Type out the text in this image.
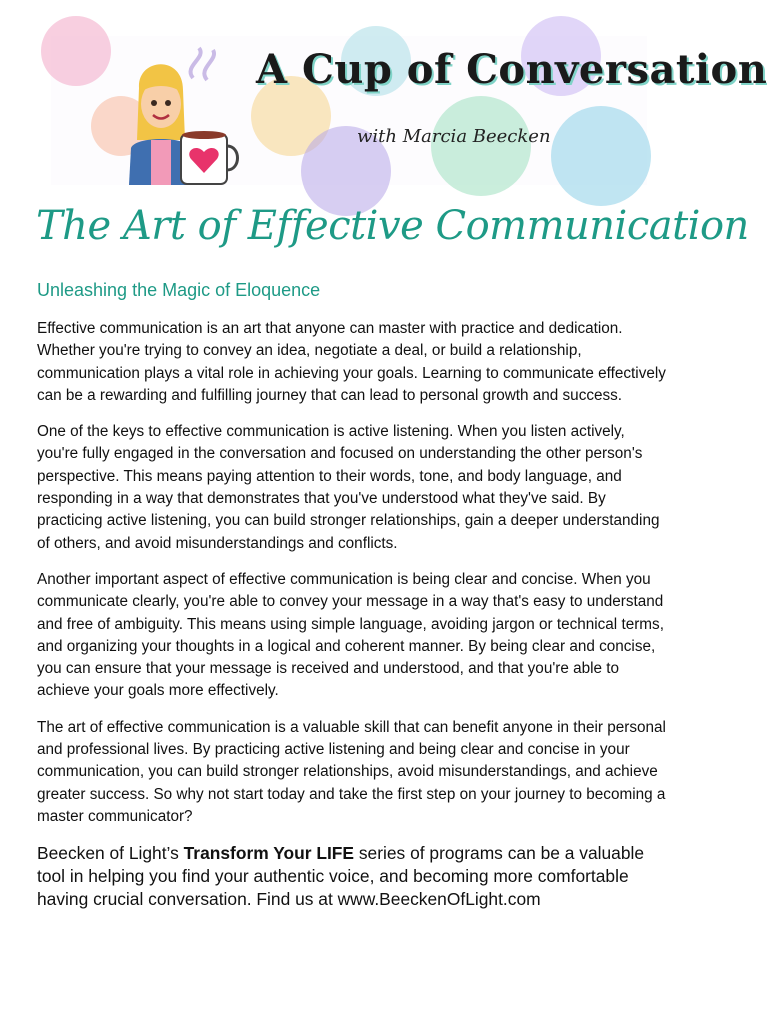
A Cup of Conversation
with Marcia Beecken
The Art of Effective Communication
Unleashing the Magic of Eloquence

Effective communication is an art that anyone can master with practice and dedication. Whether you're trying to convey an idea, negotiate a deal, or build a relationship, communication plays a vital role in achieving your goals. Learning to communicate effectively can be a rewarding and fulfilling journey that can lead to personal growth and success.

One of the keys to effective communication is active listening. When you listen actively, you're fully engaged in the conversation and focused on understanding the other person's perspective. This means paying attention to their words, tone, and body language, and responding in a way that demonstrates that you've understood what they've said. By practicing active listening, you can build stronger relationships, gain a deeper understanding of others, and avoid misunderstandings and conflicts.

Another important aspect of effective communication is being clear and concise. When you communicate clearly, you're able to convey your message in a way that's easy to understand and free of ambiguity. This means using simple language, avoiding jargon or technical terms, and organizing your thoughts in a logical and coherent manner. By being clear and concise, you can ensure that your message is received and understood, and that you're able to achieve your goals more effectively.

The art of effective communication is a valuable skill that can benefit anyone in their personal and professional lives. By practicing active listening and being clear and concise in your communication, you can build stronger relationships, avoid misunderstandings, and achieve greater success. So why not start today and take the first step on your journey to becoming a master communicator?

Beecken of Light’s Transform Your LIFE series of programs can be a valuable tool in helping you find your authentic voice, and becoming more comfortable having crucial conversation. Find us at www.BeeckenOfLight.com
